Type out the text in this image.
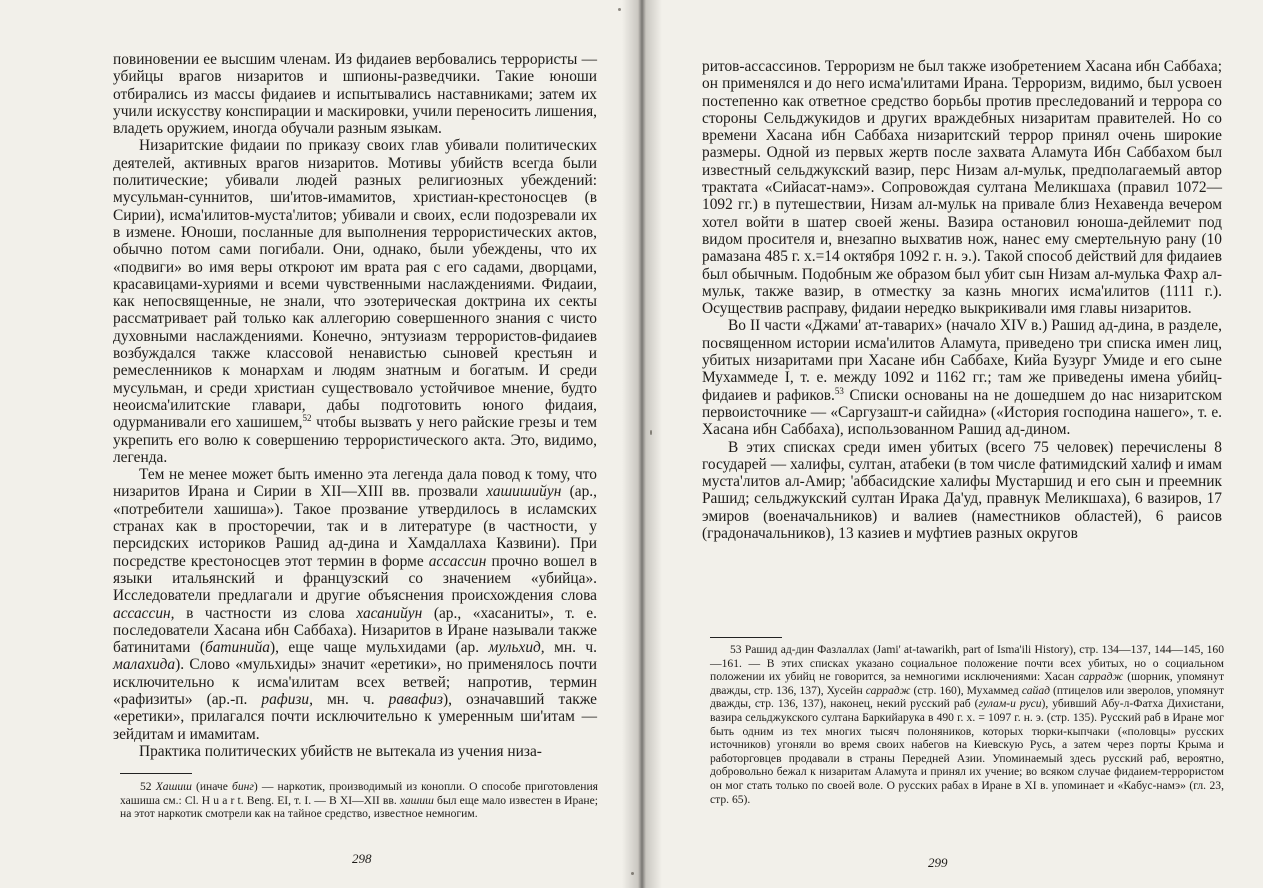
повиновении ее высшим членам. Из фидаиев вербовались террористы — убийцы врагов низаритов и шпионы-разведчики. Такие юноши отбирались из массы фидаиев и испытывались наставниками; затем их учили искусству конспирации и маскировки, учили переносить лишения, владеть оружием, иногда обучали разным языкам.

Низаритские фидаии по приказу своих глав убивали политических деятелей, активных врагов низаритов. Мотивы убийств всегда были политические; убивали людей разных религиозных убеждений: мусульман-суннитов, ши'итов-имамитов, христиан-крестоносцев (в Сирии), исма'илитов-муста'литов; убивали и своих, если подозревали их в измене. Юноши, посланные для выполнения террористических актов, обычно потом сами погибали. Они, однако, были убеждены, что их «подвиги» во имя веры откроют им врата рая с его садами, дворцами, красавицами-хуриями и всеми чувственными наслаждениями. Фидаии, как непосвященные, не знали, что эзотерическая доктрина их секты рассматривает рай только как аллегорию совершенного знания с чисто духовными наслаждениями. Конечно, энтузиазм террористов-фидаиев возбуждался также классовой ненавистью сыновей крестьян и ремесленников к монархам и людям знатным и богатым. И среди мусульман, и среди христиан существовало устойчивое мнение, будто неоисма'илитские главари, дабы подготовить юного фидаия, одурманивали его хашишем,$^{52}$ чтобы вызвать у него райские грезы и тем укрепить его волю к совершению террористического акта. Это, видимо, легенда.

Тем не менее может быть именно эта легенда дала повод к тому, что низаритов Ирана и Сирии в XII—XIII вв. прозвали хашишийун (ар., «потребители хашиша»). Такое прозвание утвердилось в исламских странах как в просторечии, так и в литературе (в частности, у персидских историков Рашид ад-дина и Хамдаллаха Казвини). При посредстве крестоносцев этот термин в форме ассассин прочно вошел в языки итальянский и французский со значением «убийца». Исследователи предлагали и другие объяснения происхождения слова ассассин, в частности из слова хасанийун (ар., «хасаниты», т. е. последователи Хасана ибн Саббаха). Низаритов в Иране называли также батинитами (батинийа), еще чаще мульхидами (ар. мульхид, мн. ч. малахида). Слово «мульхиды» значит «еретики», но применялось почти исключительно к исма'илитам всех ветвей; напротив, термин «рафизиты» (ар.-п. рафизи, мн. ч. равафиз), означавший также «еретики», прилагался почти исключительно к умеренным ши'итам — зейдитам и имамитам.

Практика политических убийств не вытекала из учения низа-

52 Хашиш (иначе бинг) — наркотик, производимый из конопли. О способе приготовления хашиша см.: Cl. H u a r t. Beng. EI, т. I. — В XI—XII вв. хашиш был еще мало известен в Иране; на этот наркотик смотрели как на тайное средство, известное немногим.

298

ритов-ассассинов. Терроризм не был также изобретением Хасана ибн Саббаха; он применялся и до него исма'илитами Ирана. Терроризм, видимо, был усвоен постепенно как ответное средство борьбы против преследований и террора со стороны Сельджукидов и других враждебных низаритам правителей. Но со времени Хасана ибн Саббаха низаритский террор принял очень широкие размеры. Одной из первых жертв после захвата Аламута Ибн Саббахом был известный сельджукский вазир, перс Низам ал-мульк, предполагаемый автор трактата «Сийасат-намэ». Сопровождая султана Меликшаха (правил 1072—1092 гг.) в путешествии, Низам ал-мульк на привале близ Нехавенда вечером хотел войти в шатер своей жены. Вазира остановил юноша-дейлемит под видом просителя и, внезапно выхватив нож, нанес ему смертельную рану (10 рамазана 485 г. х.=14 октября 1092 г. н. э.). Такой способ действий для фидаиев был обычным. Подобным же образом был убит сын Низам ал-мулька Фахр ал-мульк, также вазир, в отместку за казнь многих исма'илитов (1111 г.). Осуществив расправу, фидаии нередко выкрикивали имя главы низаритов.

Во II части «Джами' ат-таварих» (начало XIV в.) Рашид ад-дина, в разделе, посвященном истории исма'илитов Аламута, приведено три списка имен лиц, убитых низаритами при Хасане ибн Саббахе, Кийа Бузург Умиде и его сыне Мухаммеде I, т. е. между 1092 и 1162 гг.; там же приведены имена убийц-фидаиев и рафиков.$^{53}$ Списки основаны на не дошедшем до нас низаритском первоисточнике — «Саргузашт-и сайидна» («История господина нашего», т. е. Хасана ибн Саббаха), использованном Рашид ад-дином.

В этих списках среди имен убитых (всего 75 человек) перечислены 8 государей — халифы, султан, атабеки (в том числе фатимидский халиф и имам муста'литов ал-Амир; 'аббасидские халифы Мустаршид и его сын и преемник Рашид; сельджукский султан Ирака Да'уд, правнук Меликшаха), 6 вазиров, 17 эмиров (военачальников) и валиев (наместников областей), 6 раисов (градоначальников), 13 казиев и муфтиев разных округов

53 Рашид ад-дин Фазлаллах (Jami' at-tawarikh, part of Isma'ili History), стр. 134—137, 144—145, 160—161. — В этих списках указано социальное положение почти всех убитых, но о социальном положении их убийц не говорится, за немногими исключениями: Хасан саррадж (шорник, упомянут дважды, стр. 136, 137), Хусейн саррадж (стр. 160), Мухаммед сайад (птицелов или зверолов, упомянут дважды, стр. 136, 137), наконец, некий русский раб (гулам-и руси), убивший Абу-л-Фатха Дихистани, вазира сельджукского султана Баркийарука в 490 г. х. = 1097 г. н. э. (стр. 135). Русский раб в Иране мог быть одним из тех многих тысяч полоняников, которых тюрки-кыпчаки («половцы» русских источников) угоняли во время своих набегов на Киевскую Русь, а затем через порты Крыма и работорговцев продавали в страны Передней Азии. Упоминаемый здесь русский раб, вероятно, добровольно бежал к низаритам Аламута и принял их учение; во всяком случае фидаием-террористом он мог стать только по своей воле. О русских рабах в Иране в XI в. упоминает и «Кабус-намэ» (гл. 23, стр. 65).

299
